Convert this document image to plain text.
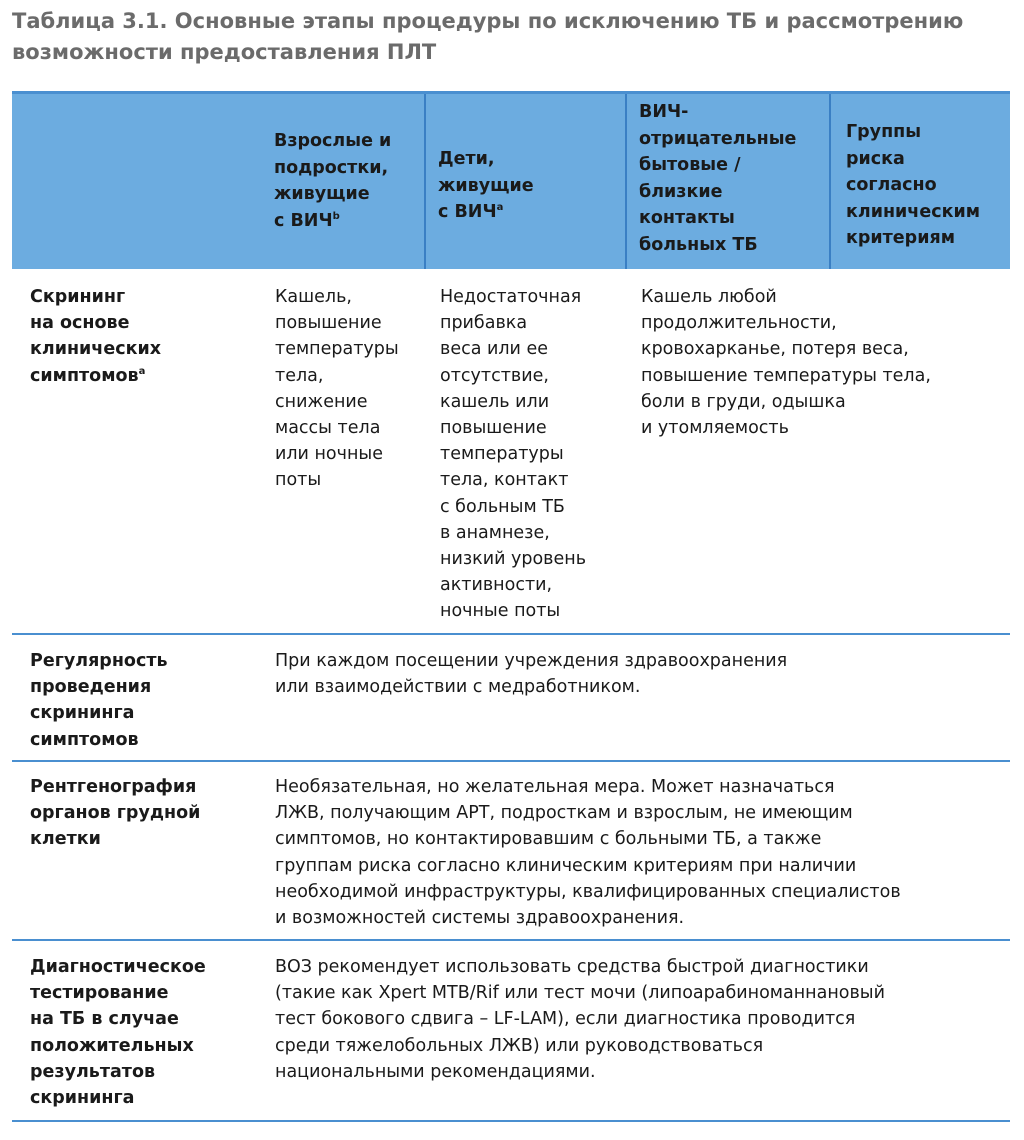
Таблица 3.1. Основные этапы процедуры по исключению ТБ и рассмотрению
возможности предоставления ПЛТ
Взрослые и
подростки,
живущие
с ВИЧ$^b$
Дети,
живущие
с ВИЧ$^a$
ВИЧ-
отрицательные
бытовые /
близкие
контакты
больных ТБ
Группы
риска
согласно
клиническим
критериям
Скрининг
на основе
клинических
симптомов$^a$
Кашель,
повышение
температуры
тела,
снижение
массы тела
или ночные
поты
Недостаточная
прибавка
веса или ее
отсутствие,
кашель или
повышение
температуры
тела, контакт
с больным ТБ
в анамнезе,
низкий уровень
активности,
ночные поты
Кашель любой
продолжительности,
кровохарканье, потеря веса,
повышение температуры тела,
боли в груди, одышка
и утомляемость
Регулярность
проведения
скрининга
симптомов
При каждом посещении учреждения здравоохранения
или взаимодействии с медработником.
Рентгенография
органов грудной
клетки
Необязательная, но желательная мера. Может назначаться
ЛЖВ, получающим АРТ, подросткам и взрослым, не имеющим
симптомов, но контактировавшим с больными ТБ, а также
группам риска согласно клиническим критериям при наличии
необходимой инфраструктуры, квалифицированных специалистов
и возможностей системы здравоохранения.
Диагностическое
тестирование
на ТБ в случае
положительных
результатов
скрининга
ВОЗ рекомендует использовать средства быстрой диагностики
(такие как Xpert MTB/Rif или тест мочи (липоарабиноманнановый
тест бокового сдвига – LF-LAM), если диагностика проводится
среди тяжелобольных ЛЖВ) или руководствоваться
национальными рекомендациями.
